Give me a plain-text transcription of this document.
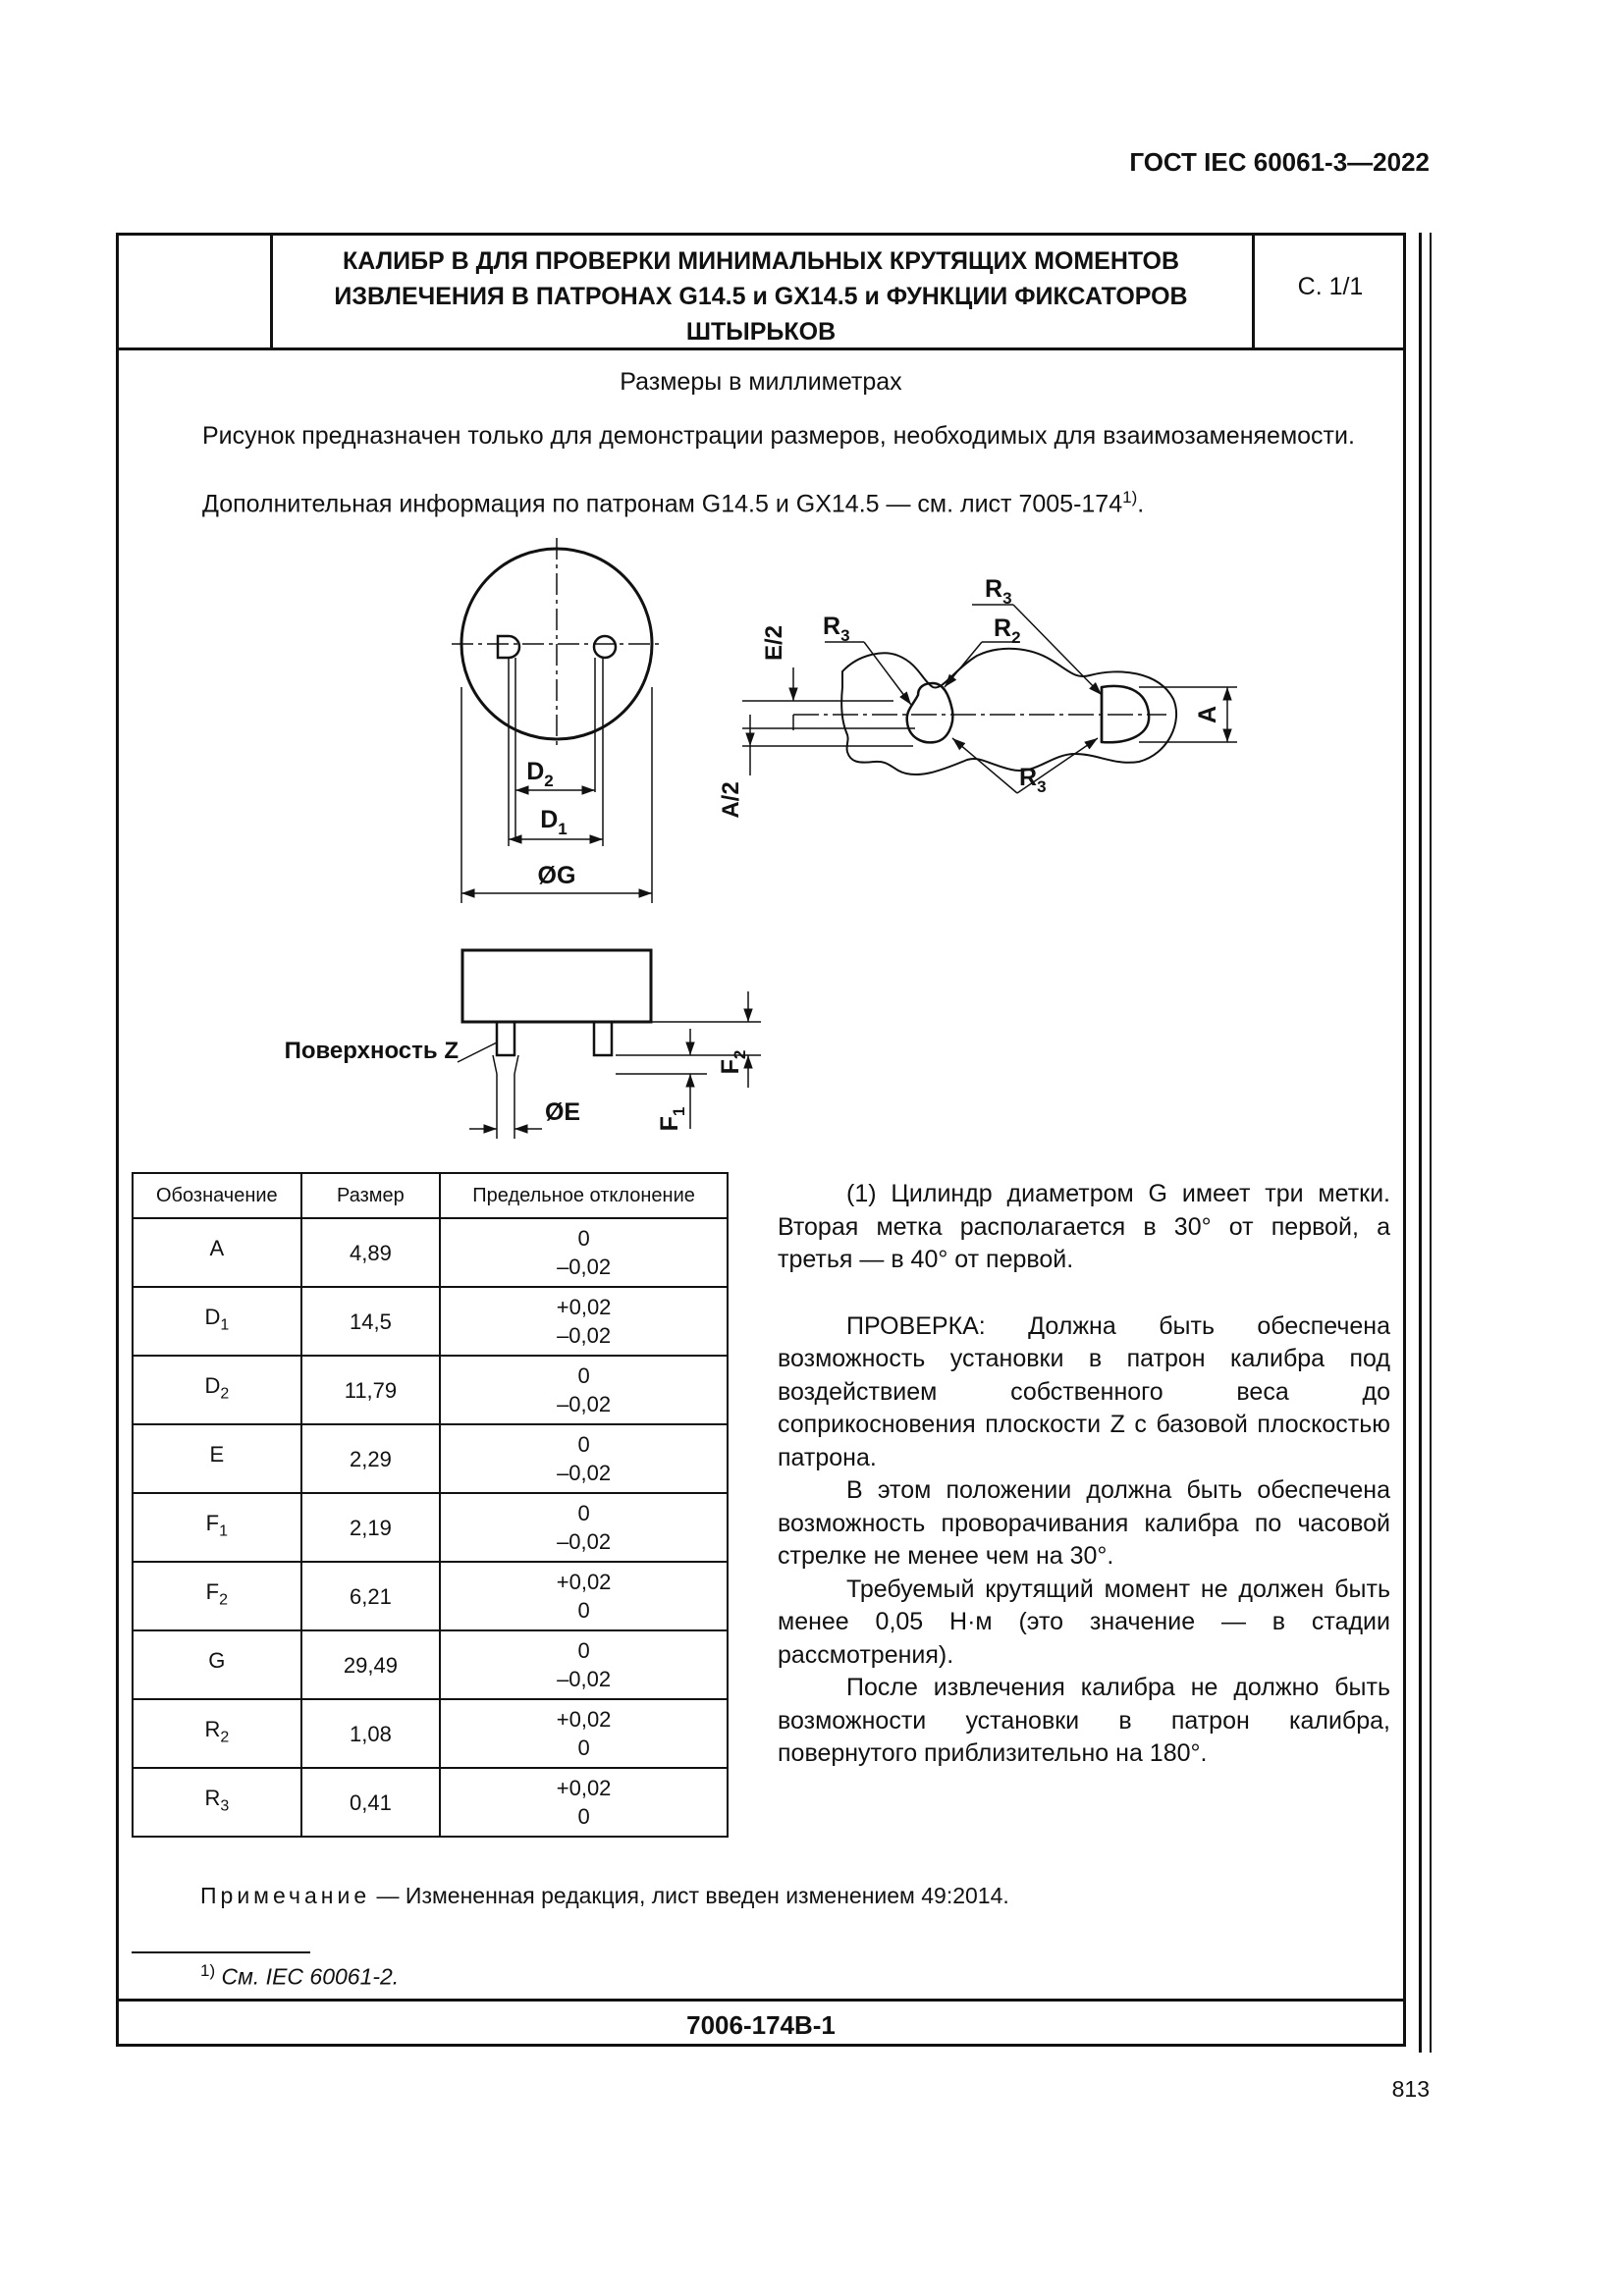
ГОСТ IEC 60061-3—2022
КАЛИБР В ДЛЯ ПРОВЕРКИ МИНИМАЛЬНЫХ КРУТЯЩИХ МОМЕНТОВ
ИЗВЛЕЧЕНИЯ В ПАТРОНАХ G14.5 и GX14.5 и ФУНКЦИИ ФИКСАТОРОВ
ШТЫРЬКОВ
С. 1/1
Размеры в миллиметрах
Рисунок предназначен только для демонстрации размеров, необходимых для взаимозаменяемости.
Дополнительная информация по патронам G14.5 и GX14.5 — см. лист 7005-174$^{1)}$.
$D_2$
$D_1$
ØG
ØE
Поверхность Z
$F_2$
$F_1$
E/2
A/2
A
$R_3$
$R_3$	$R_2$
$R_3$
Обозначение	Размер	Предельное отклонение
A	4,89	0
–0,02

$D_1$	14,5	+0,02
–0,02

$D_2$	11,79	0
–0,02

E	2,29	0
–0,02

$F_1$	2,19	0
–0,02

$F_2$	6,21	+0,02
0

G	29,49	0
–0,02

$R_2$	1,08	+0,02
0

$R_3$	0,41	+0,02
0

(1) Цилиндр диаметром G имеет три метки. Вторая метка располагается в 30° от первой, а третья — в 40° от первой.

ПРОВЕРКА: Должна быть обеспечена возможность установки в патрон калибра под воздействием собственного веса до соприкосновения плоскости Z с базовой плоскостью патрона.

В этом положении должна быть обеспечена возможность проворачивания калибра по часовой стрелке не менее чем на 30°.

Требуемый крутящий момент не должен быть менее 0,05 Н·м (это значение — в стадии рассмотрения).

После извлечения калибра не должно быть возможности установки в патрон калибра, повернутого приблизительно на 180°.

Примечание — Измененная редакция, лист введен изменением 49:2014.
$^{1)}$ См. IEC 60061-2.
7006-174B-1
813
